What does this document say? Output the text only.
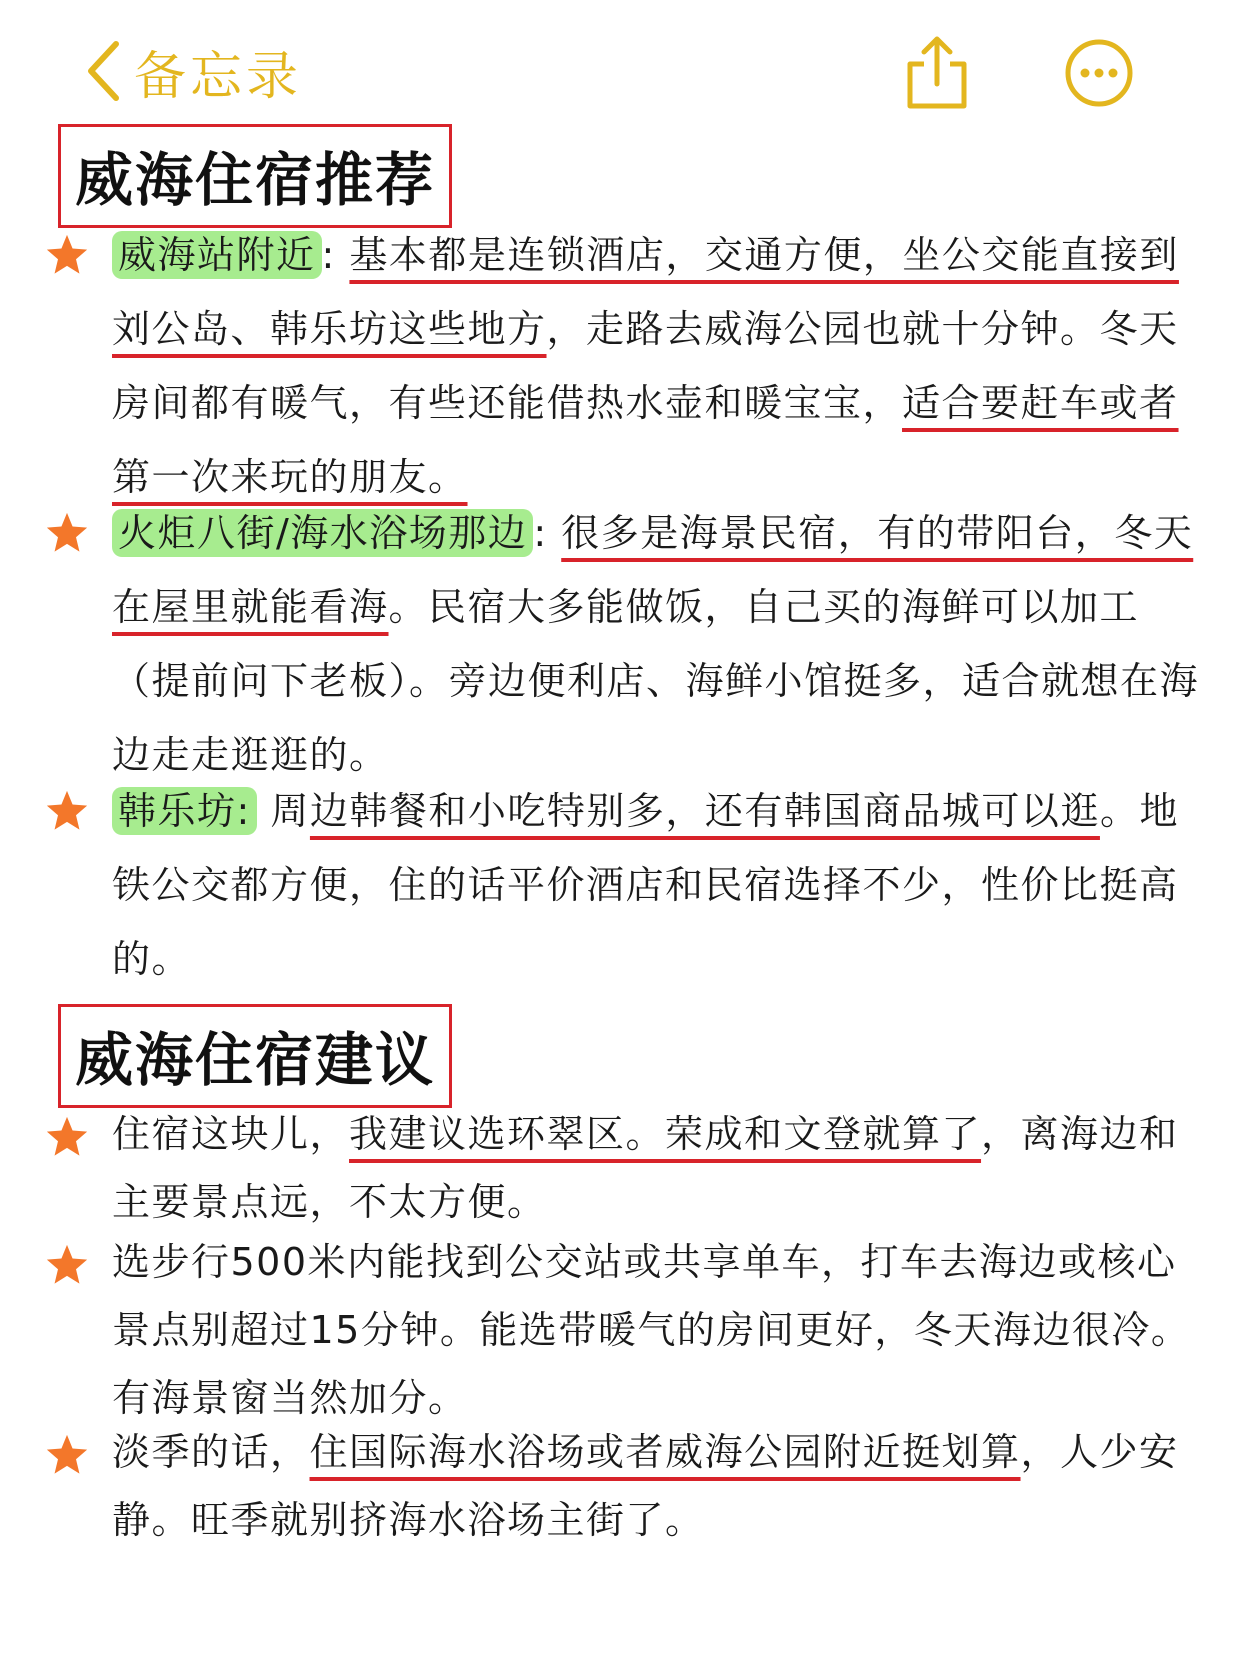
备忘录
威海住宿推荐
威海站附近 : 基本都是连锁酒店，交通方便，坐公交能直接到刘公岛、韩乐坊这些地方，走路去威海公园也就十分钟。冬天房间都有暖气，有些还能借热水壶和暖宝宝，适合要赶车或者第一次来玩的朋友。
火炬八街/海水浴场那边 : 很多是海景民宿，有的带阳台，冬天在屋里就能看海。民宿大多能做饭，自己买的海鲜可以加工（提前问下老板）。旁边便利店、海鲜小馆挺多，适合就想在海边走走逛逛的。
韩乐坊: 周边韩餐和小吃特别多，还有韩国商品城可以逛。地铁公交都方便，住的话平价酒店和民宿选择不少，性价比挺高的。
威海住宿建议
住宿这块儿，我建议选环翠区。荣成和文登就算了，离海边和主要景点远，不太方便。
选步行500米内能找到公交站或共享单车，打车去海边或核心景点别超过15分钟。能选带暖气的房间更好，冬天海边很冷。有海景窗当然加分。
淡季的话，住国际海水浴场或者威海公园附近挺划算，人少安静。旺季就别挤海水浴场主街了。
